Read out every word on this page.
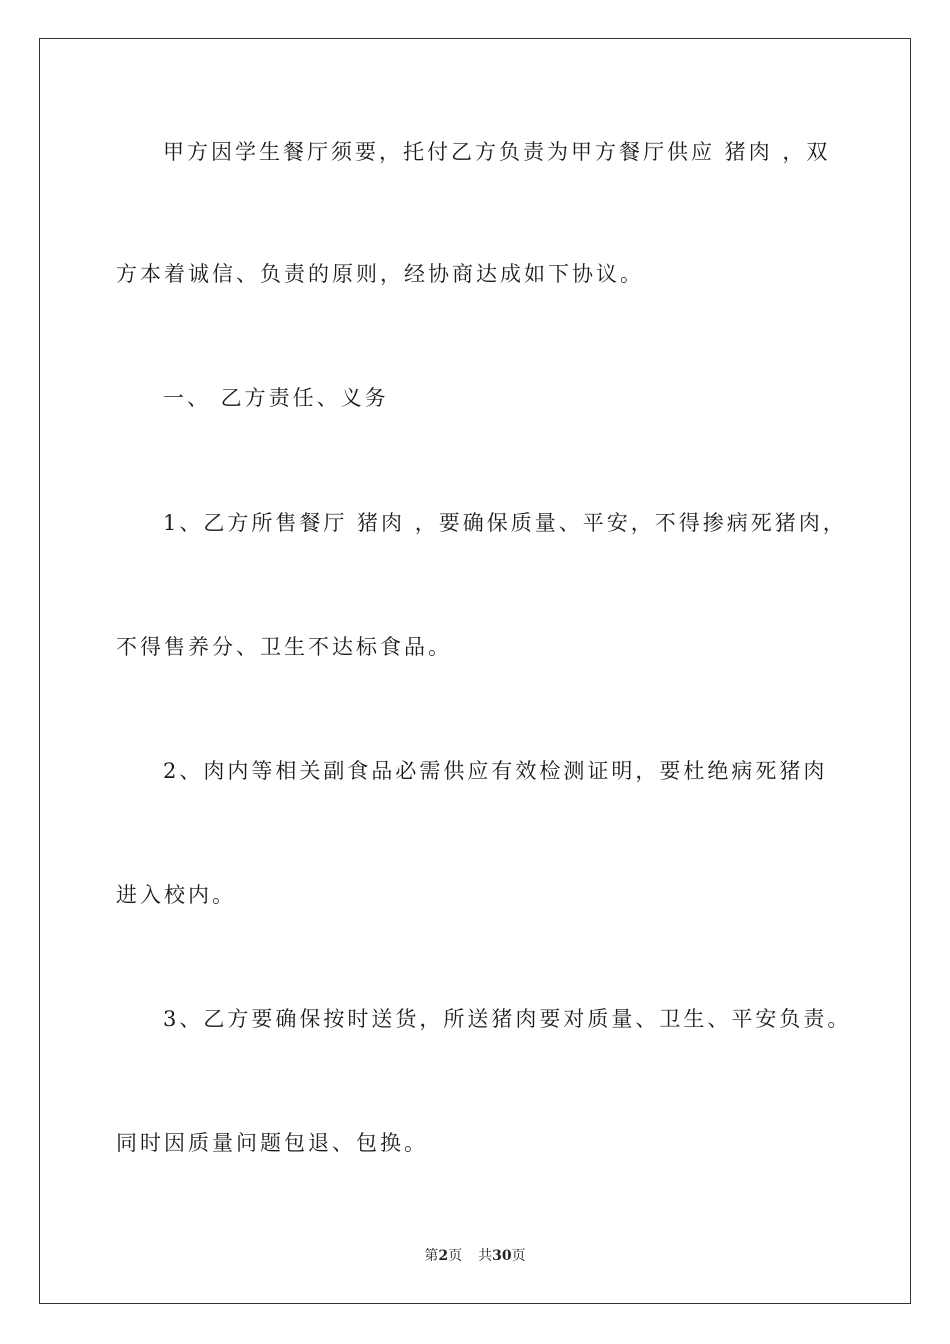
甲方因学生餐厅须要，托付乙方负责为甲方餐厅供应 猪肉 ，双
方本着诚信、负责的原则，经协商达成如下协议。
一、 乙方责任、义务
1、乙方所售餐厅 猪肉 ，要确保质量、平安，不得掺病死猪肉，
不得售养分、卫生不达标食品。
2、肉内等相关副食品必需供应有效检测证明，要杜绝病死猪肉
进入校内。
3、乙方要确保按时送货，所送猪肉要对质量、卫生、平安负责。
同时因质量问题包退、包换。
第2页 共30页
